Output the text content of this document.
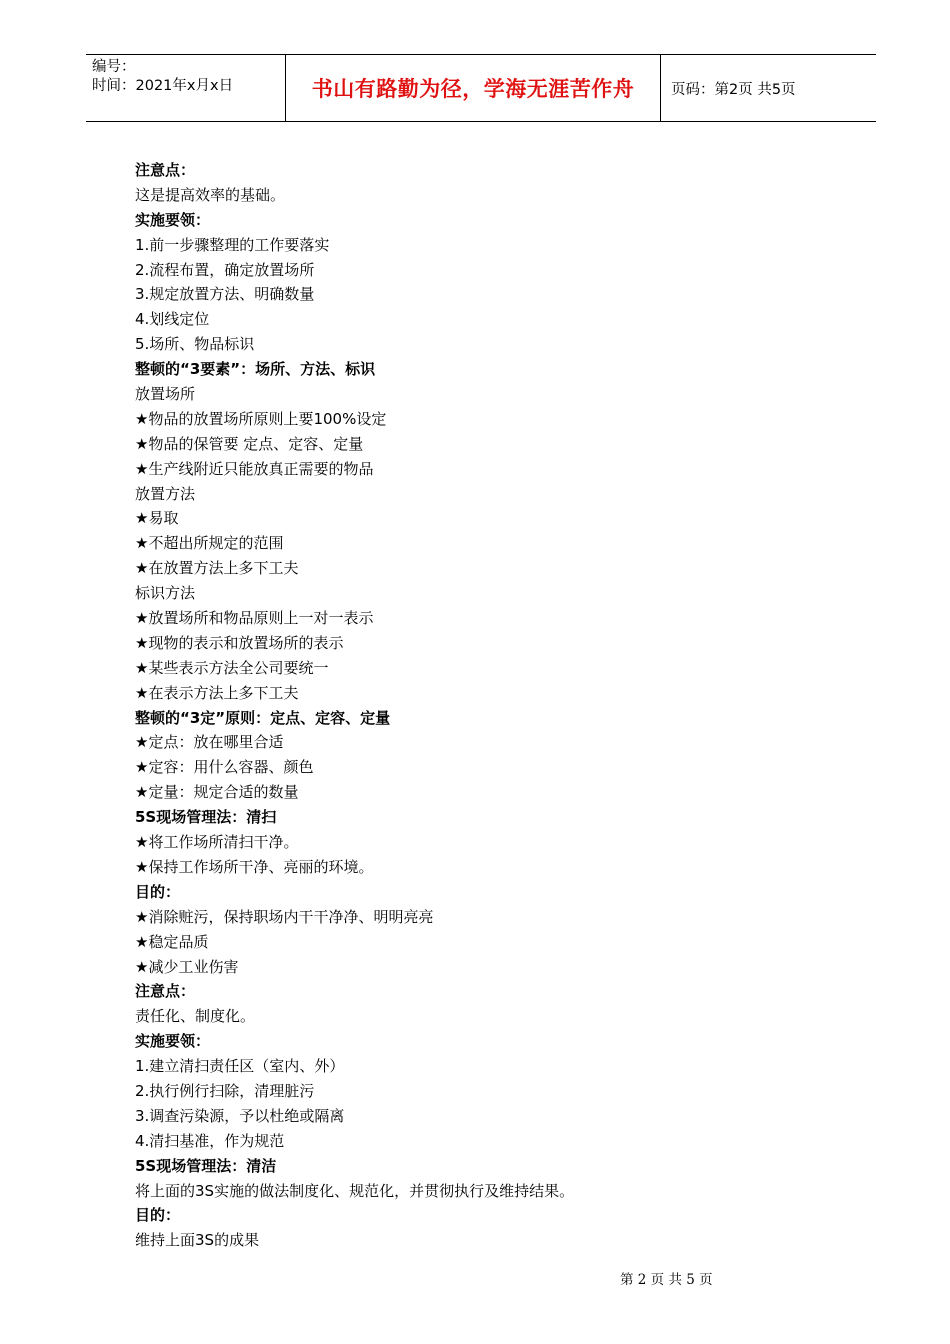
编号：
时间：2021年x月x日	书山有路勤为径，学海无涯苦作舟	页码：第2页 共5页
注意点：
这是提高效率的基础。
实施要领：
1.前一步骤整理的工作要落实
2.流程布置，确定放置场所
3.规定放置方法、明确数量
4.划线定位
5.场所、物品标识
整顿的“3要素”：场所、方法、标识
放置场所
★物品的放置场所原则上要100%设定
★物品的保管要 定点、定容、定量
★生产线附近只能放真正需要的物品
放置方法
★易取
★不超出所规定的范围
★在放置方法上多下工夫
标识方法
★放置场所和物品原则上一对一表示
★现物的表示和放置场所的表示
★某些表示方法全公司要统一
★在表示方法上多下工夫
整顿的“3定”原则：定点、定容、定量
★定点：放在哪里合适
★定容：用什么容器、颜色
★定量：规定合适的数量
5S现场管理法：清扫
★将工作场所清扫干净。
★保持工作场所干净、亮丽的环境。
目的：
★消除赃污，保持职场内干干净净、明明亮亮
★稳定品质
★减少工业伤害
注意点：
责任化、制度化。
实施要领：
1.建立清扫责任区（室内、外）
2.执行例行扫除，清理脏污
3.调查污染源，予以杜绝或隔离
4.清扫基准，作为规范
5S现场管理法：清洁
将上面的3S实施的做法制度化、规范化，并贯彻执行及维持结果。
目的：
维持上面3S的成果
第 2 页 共 5 页
